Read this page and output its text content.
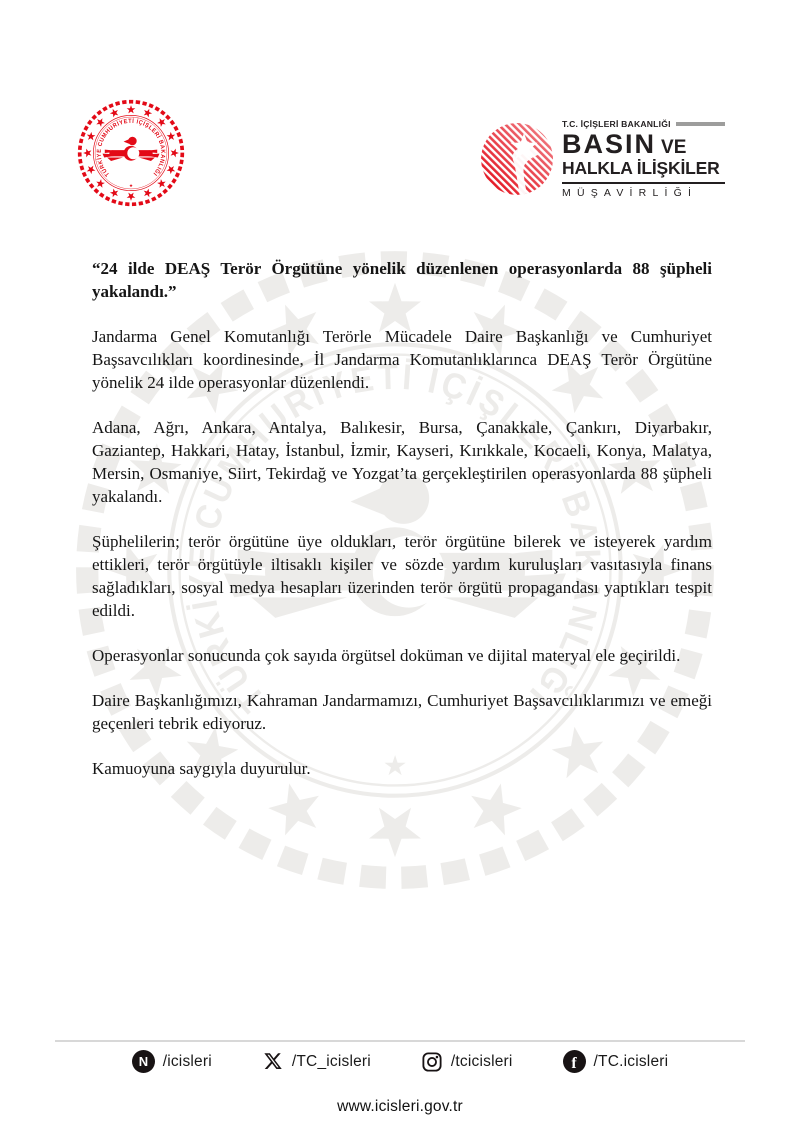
T.C. İÇİŞLERİ BAKANLIĞI
BASIN VE
HALKLA İLİŞKİLER
MÜŞAVİRLİĞİ

“24 ilde DEAŞ Terör Örgütüne yönelik düzenlenen operasyonlarda 88 şüpheli yakalandı.”

Jandarma Genel Komutanlığı Terörle Mücadele Daire Başkanlığı ve Cumhuriyet Başsavcılıkları koordinesinde, İl Jandarma Komutanlıklarınca DEAŞ Terör Örgütüne yönelik 24 ilde operasyonlar düzenlendi.

Adana, Ağrı, Ankara, Antalya, Balıkesir, Bursa, Çanakkale, Çankırı, Diyarbakır, Gaziantep, Hakkari, Hatay, İstanbul, İzmir, Kayseri, Kırıkkale, Kocaeli, Konya, Malatya, Mersin, Osmaniye, Siirt, Tekirdağ ve Yozgat’ta gerçekleştirilen operasyonlarda 88 şüpheli yakalandı.

Şüphelilerin; terör örgütüne üye oldukları, terör örgütüne bilerek ve isteyerek yardım ettikleri, terör örgütüyle iltisaklı kişiler ve sözde yardım kuruluşları vasıtasıyla finans sağladıkları, sosyal medya hesapları üzerinden terör örgütü propagandası yaptıkları tespit edildi.

Operasyonlar sonucunda çok sayıda örgütsel doküman ve dijital materyal ele geçirildi.

Daire Başkanlığımızı, Kahraman Jandarmamızı, Cumhuriyet Başsavcılıklarımızı ve emeği geçenleri tebrik ediyoruz.

Kamuoyuna saygıyla duyurulur.

N /icisleri	/TC_icisleri	/tcicisleri	f /TC.icisleri
www.icisleri.gov.tr
